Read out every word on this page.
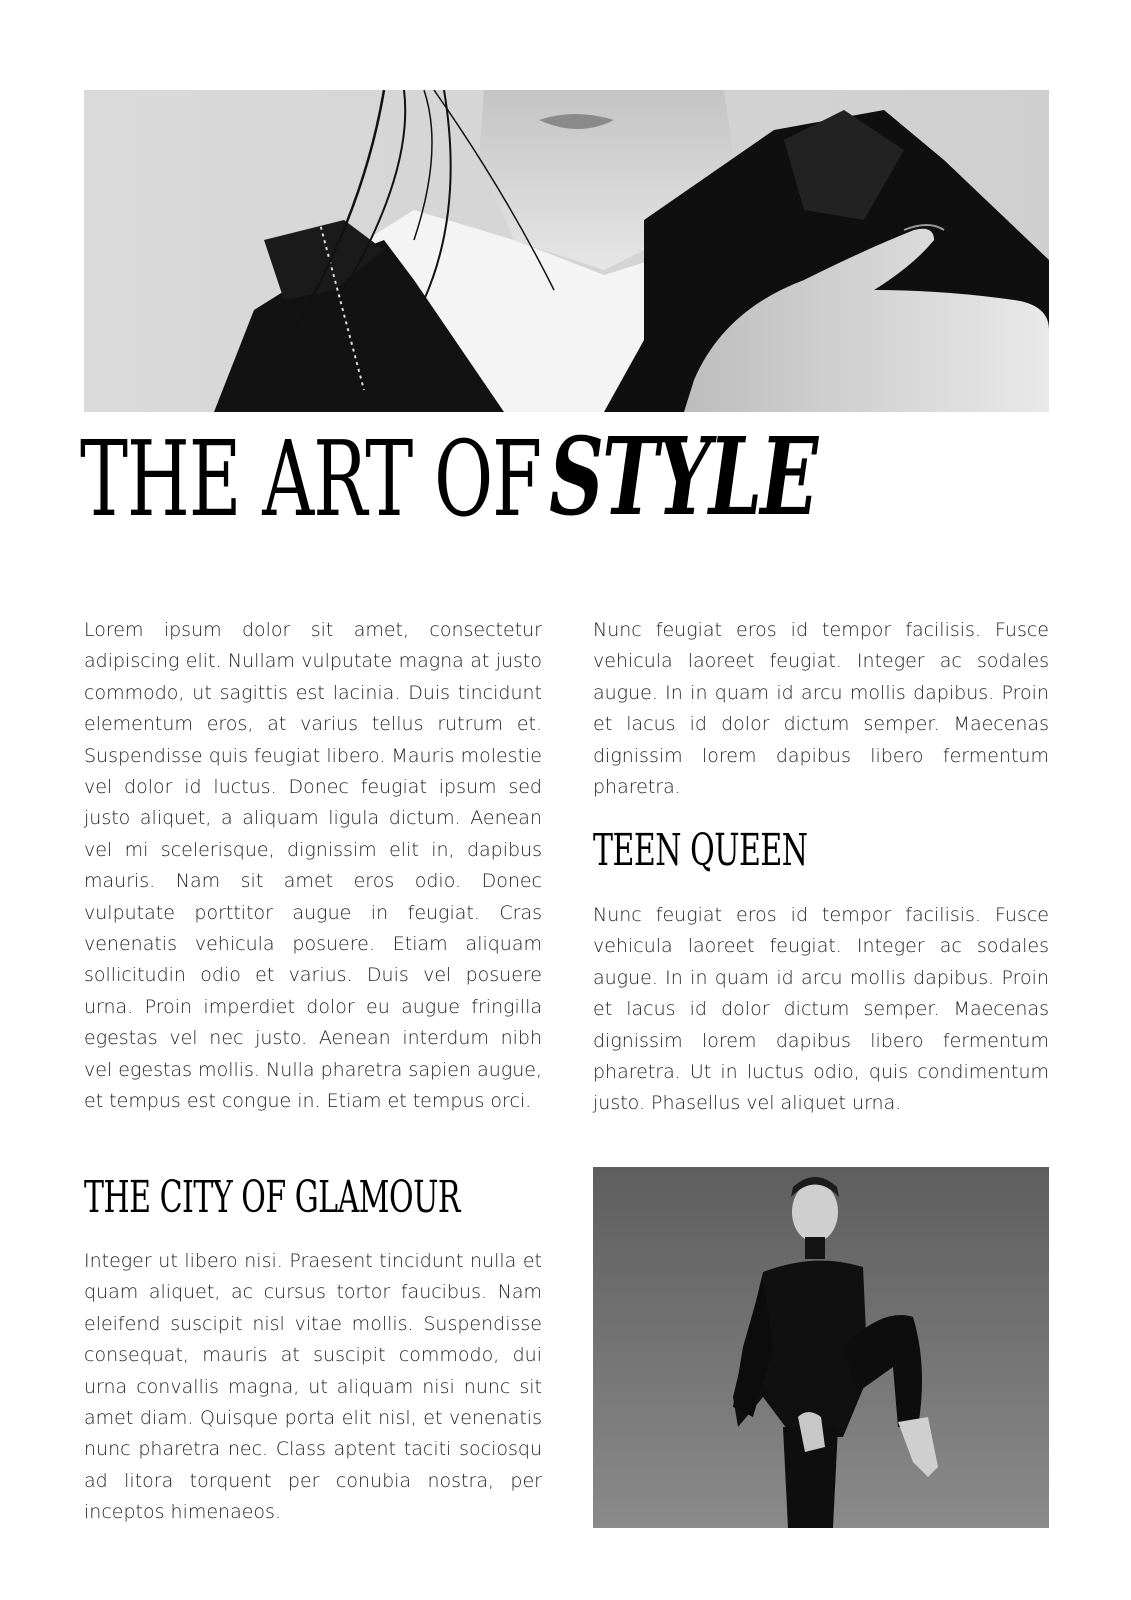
THE ART OF STYLE

Lorem ipsum dolor sit amet, consectetur adipiscing elit. Nullam vulputate magna at justo commodo, ut sagittis est lacinia. Duis tincidunt elementum eros, at varius tellus rutrum et. Suspendisse quis feugiat libero. Mauris molestie vel dolor id luctus. Donec feugiat ipsum sed justo aliquet, a aliquam ligula dictum. Aenean vel mi scelerisque, dignissim elit in, dapibus mauris. Nam sit amet eros odio. Donec vulputate porttitor augue in feugiat. Cras venenatis vehicula posuere. Etiam aliquam sollicitudin odio et varius. Duis vel posuere urna. Proin imperdiet dolor eu augue fringilla egestas vel nec justo. Aenean interdum nibh vel egestas mollis. Nulla pharetra sapien augue, et tempus est congue in. Etiam et tempus orci.

Nunc feugiat eros id tempor facilisis. Fusce vehicula laoreet feugiat. Integer ac sodales augue. In in quam id arcu mollis dapibus. Proin et lacus id dolor dictum semper. Maecenas dignissim lorem dapibus libero fermentum pharetra.

TEEN QUEEN

Nunc feugiat eros id tempor facilisis. Fusce vehicula laoreet feugiat. Integer ac sodales augue. In in quam id arcu mollis dapibus. Proin et lacus id dolor dictum semper. Maecenas dignissim lorem dapibus libero fermentum pharetra. Ut in luctus odio, quis condimentum justo. Phasellus vel aliquet urna.

THE CITY OF GLAMOUR

Integer ut libero nisi. Praesent tincidunt nulla et quam aliquet, ac cursus tortor faucibus. Nam eleifend suscipit nisl vitae mollis. Suspendisse consequat, mauris at suscipit commodo, dui urna convallis magna, ut aliquam nisi nunc sit amet diam. Quisque porta elit nisl, et venenatis nunc pharetra nec. Class aptent taciti sociosqu ad litora torquent per conubia nostra, per inceptos himenaeos.
